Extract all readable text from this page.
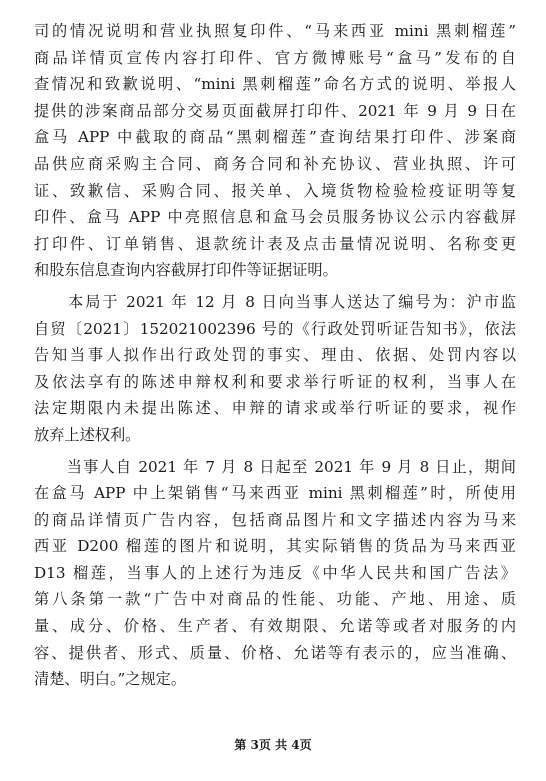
司的情况说明和营业执照复印件、“马来西亚 mini 黑刺榴莲”
商品详情页宣传内容打印件、官方微博账号“盒马”发布的自
查情况和致歉说明、“mini 黑刺榴莲”命名方式的说明、举报人
提供的涉案商品部分交易页面截屏打印件、2021 年 9 月 9 日在
盒马 APP 中截取的商品“黑刺榴莲”查询结果打印件、涉案商
品供应商采购主合同、商务合同和补充协议、营业执照、许可
证、致歉信、采购合同、报关单、入境货物检验检疫证明等复
印件、盒马 APP 中亮照信息和盒马会员服务协议公示内容截屏
打印件、订单销售、退款统计表及点击量情况说明、名称变更
和股东信息查询内容截屏打印件等证据证明。
　　本局于 2021 年 12 月 8 日向当事人送达了编号为：沪市监
自贸〔2021〕152021002396 号的《行政处罚听证告知书》，依法
告知当事人拟作出行政处罚的事实、理由、依据、处罚内容以
及依法享有的陈述申辩权利和要求举行听证的权利，当事人在
法定期限内未提出陈述、申辩的请求或举行听证的要求，视作
放弃上述权利。
　　当事人自 2021 年 7 月 8 日起至 2021 年 9 月 8 日止，期间
在盒马 APP 中上架销售“马来西亚 mini 黑刺榴莲”时，所使用
的商品详情页广告内容，包括商品图片和文字描述内容为马来
西亚 D200 榴莲的图片和说明，其实际销售的货品为马来西亚
D13 榴莲，当事人的上述行为违反《中华人民共和国广告法》
第八条第一款“广告中对商品的性能、功能、产地、用途、质
量、成分、价格、生产者、有效期限、允诺等或者对服务的内
容、提供者、形式、质量、价格、允诺等有表示的，应当准确、
清楚、明白。”之规定。
第 3页 共 4页
